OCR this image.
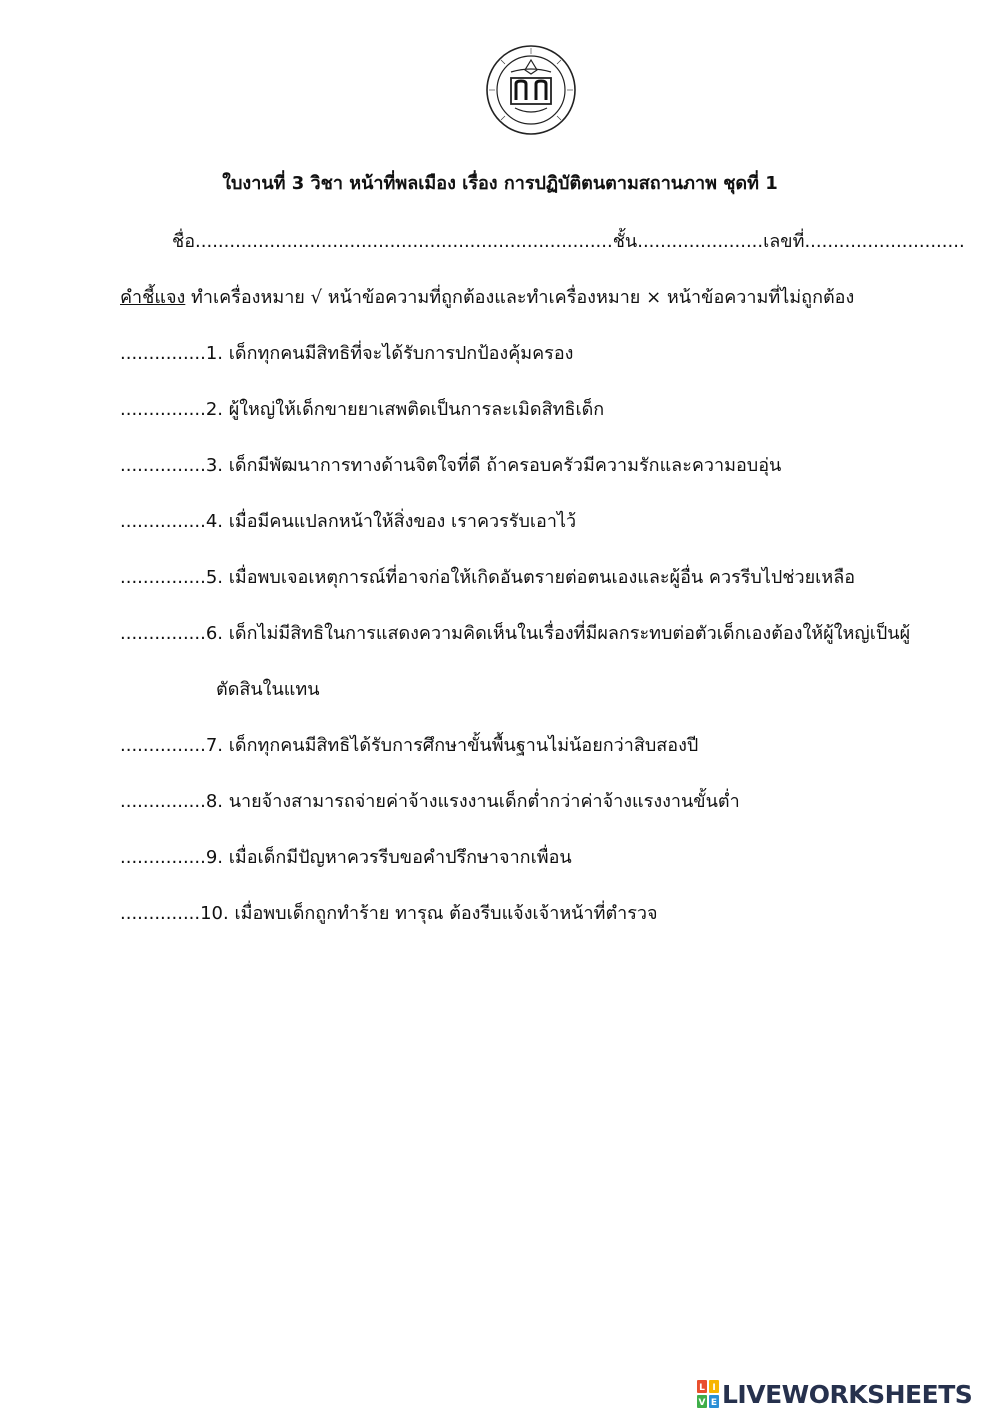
ใบงานที่ 3 วิชา หน้าที่พลเมือง เรื่อง การปฏิบัติตนตามสถานภาพ ชุดที่ 1
ชื่อ.........................................................................ชั้น......................เลขที่............................
คำชี้แจง ทำเครื่องหมาย √ หน้าข้อความที่ถูกต้องและทำเครื่องหมาย × หน้าข้อความที่ไม่ถูกต้อง
...............1. เด็กทุกคนมีสิทธิที่จะได้รับการปกป้องคุ้มครอง
...............2. ผู้ใหญ่ให้เด็กขายยาเสพติดเป็นการละเมิดสิทธิเด็ก
...............3. เด็กมีพัฒนาการทางด้านจิตใจที่ดี ถ้าครอบครัวมีความรักและความอบอุ่น
...............4. เมื่อมีคนแปลกหน้าให้สิ่งของ เราควรรับเอาไว้
...............5. เมื่อพบเจอเหตุการณ์ที่อาจก่อให้เกิดอันตรายต่อตนเองและผู้อื่น ควรรีบไปช่วยเหลือ
...............6. เด็กไม่มีสิทธิในการแสดงความคิดเห็นในเรื่องที่มีผลกระทบต่อตัวเด็กเองต้องให้ผู้ใหญ่เป็นผู้
ตัดสินในแทน
...............7. เด็กทุกคนมีสิทธิได้รับการศึกษาขั้นพื้นฐานไม่น้อยกว่าสิบสองปี
...............8. นายจ้างสามารถจ่ายค่าจ้างแรงงานเด็กต่ำกว่าค่าจ้างแรงงานขั้นต่ำ
...............9. เมื่อเด็กมีปัญหาควรรีบขอคำปรึกษาจากเพื่อน
..............10. เมื่อพบเด็กถูกทำร้าย ทารุณ ต้องรีบแจ้งเจ้าหน้าที่ตำรวจ
L I
V E LIVEWORKSHEETS
